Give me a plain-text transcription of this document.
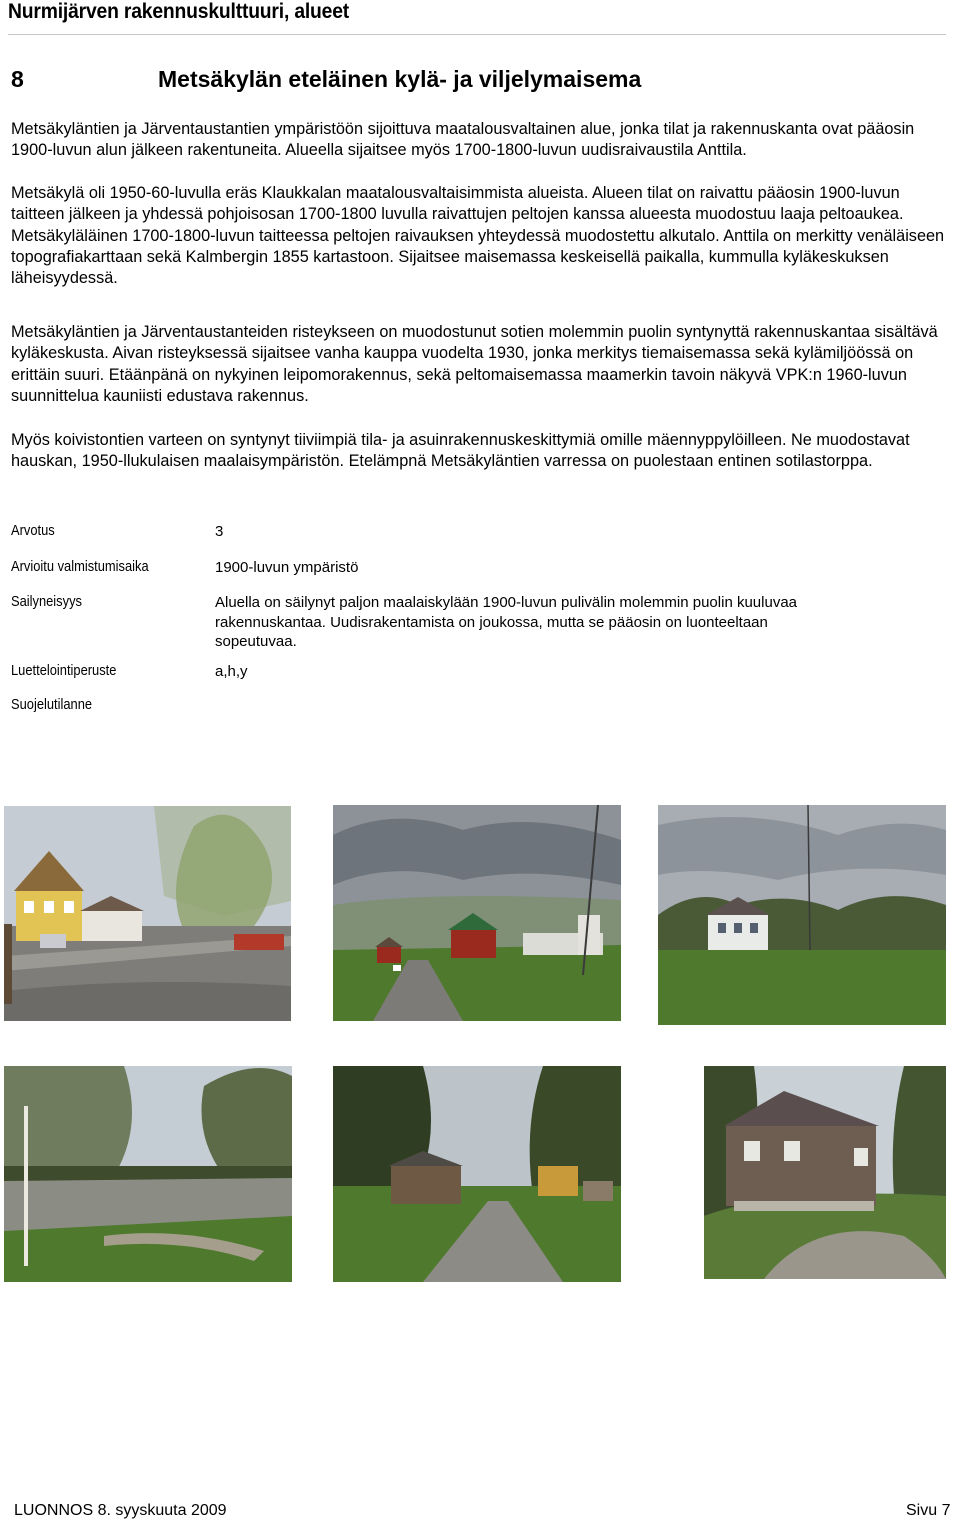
Nurmijärven rakennuskulttuuri, alueet
8	Metsäkylän eteläinen kylä- ja viljelymaisema

Metsäkyläntien ja Järventaustantien ympäristöön sijoittuva maatalousvaltainen alue, jonka tilat ja rakennuskanta ovat pääosin 1900-luvun alun jälkeen rakentuneita. Alueella sijaitsee myös 1700-1800-luvun uudisraivaustila Anttila.

Metsäkylä oli 1950-60-luvulla eräs Klaukkalan maatalousvaltaisimmista alueista. Alueen tilat on raivattu pääosin 1900-luvun taitteen jälkeen ja yhdessä pohjoisosan 1700-1800 luvulla raivattujen peltojen kanssa alueesta muodostuu laaja peltoaukea. Metsäkyläläinen 1700-1800-luvun taitteessa peltojen raivauksen yhteydessä muodostettu alkutalo. Anttila on merkitty venäläiseen topografiakarttaan sekä Kalmbergin 1855 kartastoon. Sijaitsee maisemassa keskeisellä paikalla, kummulla kyläkeskuksen läheisyydessä.

Metsäkyläntien ja Järventaustanteiden risteykseen on muodostunut sotien molemmin puolin syntynyttä rakennuskantaa sisältävä kyläkeskusta. Aivan risteyksessä sijaitsee vanha kauppa vuodelta 1930, jonka merkitys tiemaisemassa sekä kylämiljöössä on erittäin suuri. Etäänpänä on nykyinen leipomorakennus, sekä peltomaisemassa maamerkin tavoin näkyvä VPK:n 1960-luvun suunnittelua kauniisti edustava rakennus.

Myös koivistontien varteen on syntynyt tiiviimpiä tila- ja asuinrakennuskeskittymiä omille mäennyppylöilleen. Ne muodostavat hauskan, 1950-llukulaisen maalaisympäristön. Etelämpnä Metsäkyläntien varressa on puolestaan entinen sotilastorppa.

Arvotus	3
Arvioitu valmistumisaika	1900-luvun ympäristö
Sailyneisyys	Aluella on säilynyt paljon maalaiskylään 1900-luvun pulivälin molemmin puolin kuuluvaa rakennuskantaa. Uudisrakentamista on joukossa, mutta se pääosin on luonteeltaan sopeutuvaa.
Luettelointiperuste	a,h,y
Suojelutilanne
LUONNOS 8. syyskuuta 2009	Sivu 7
